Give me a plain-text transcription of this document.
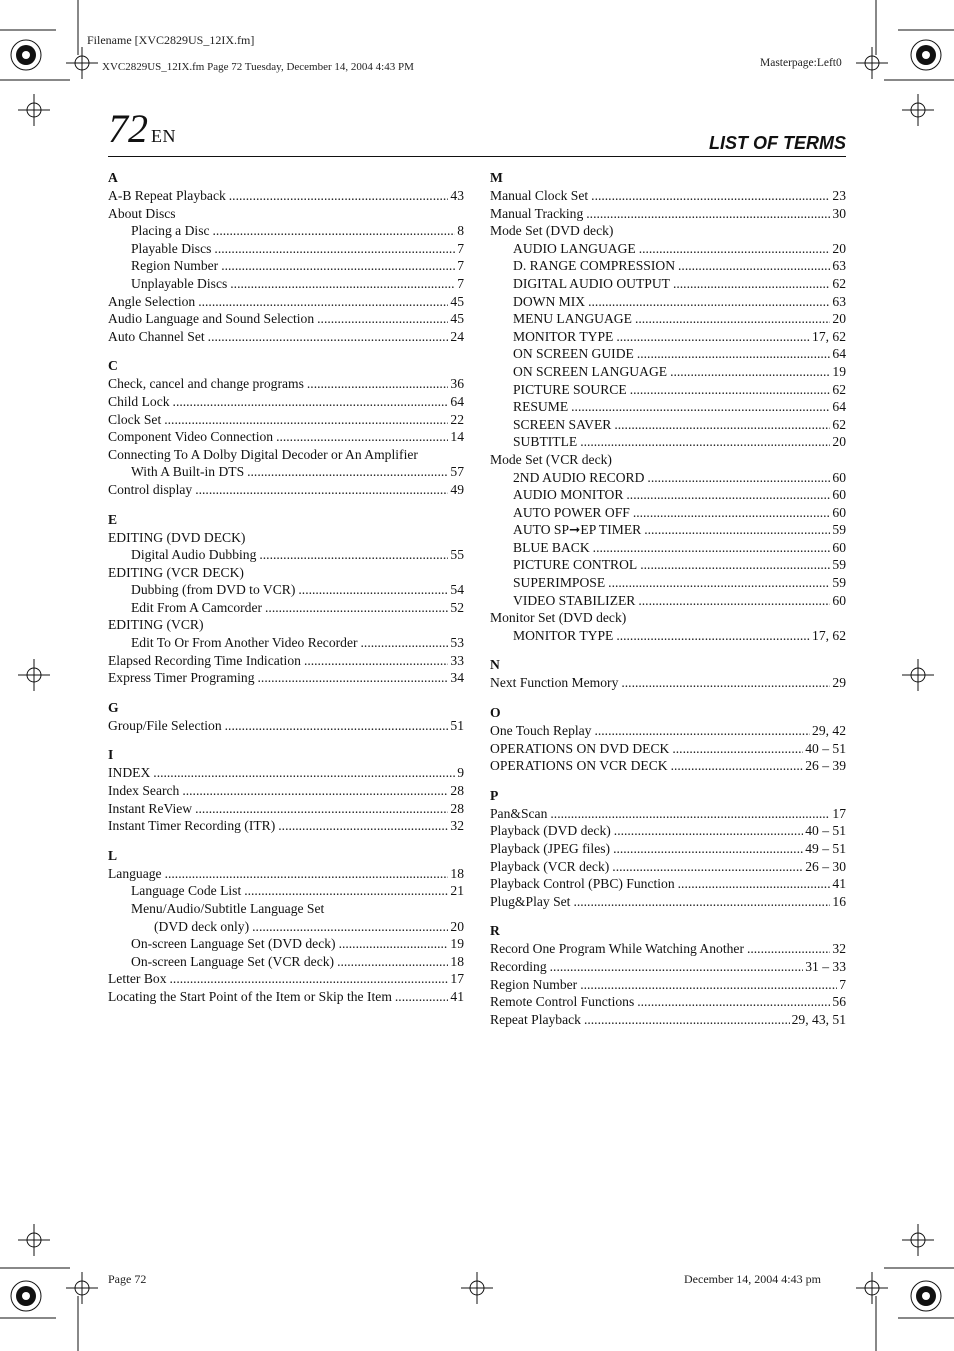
Filename [XVC2829US_12IX.fm]
XVC2829US_12IX.fm Page 72 Tuesday, December 14, 2004 4:43 PM	Masterpage:Left0
Page 72	December 14, 2004 4:43 pm
72 EN	LIST OF TERMS
A
A-B Repeat Playback .....	43
About Discs
Placing a Disc .....	8
Playable Discs .....	7
Region Number .....	7
Unplayable Discs .....	7
Angle Selection .....	45
Audio Language and Sound Selection .....	45
Auto Channel Set .....	24
C
Check, cancel and change programs .....	36
Child Lock .....	64
Clock Set .....	22
Component Video Connection .....	14
Connecting To A Dolby Digital Decoder or An Amplifier
With A Built-in DTS .....	57
Control display .....	49
E
EDITING (DVD DECK)
Digital Audio Dubbing .....	55
EDITING (VCR DECK)
Dubbing (from DVD to VCR) .....	54
Edit From A Camcorder .....	52
EDITING (VCR)
Edit To Or From Another Video Recorder .....	53
Elapsed Recording Time Indication .....	33
Express Timer Programing .....	34
G
Group/File Selection .....	51
I
INDEX .....	9
Index Search .....	28
Instant ReView .....	28
Instant Timer Recording (ITR) .....	32
L
Language .....	18
Language Code List .....	21
Menu/Audio/Subtitle Language Set
(DVD deck only) .....	20
On-screen Language Set (DVD deck) .....	19
On-screen Language Set (VCR deck) .....	18
Letter Box .....	17
Locating the Start Point of the Item or Skip the Item .....	41
M
Manual Clock Set .....	23
Manual Tracking .....	30
Mode Set (DVD deck)
AUDIO LANGUAGE .....	20
D. RANGE COMPRESSION .....	63
DIGITAL AUDIO OUTPUT .....	62
DOWN MIX .....	63
MENU LANGUAGE .....	20
MONITOR TYPE .....	17, 62
ON SCREEN GUIDE .....	64
ON SCREEN LANGUAGE .....	19
PICTURE SOURCE .....	62
RESUME .....	64
SCREEN SAVER .....	62
SUBTITLE .....	20
Mode Set (VCR deck)
2ND AUDIO RECORD .....	60
AUDIO MONITOR .....	60
AUTO POWER OFF .....	60
AUTO SP➞EP TIMER .....	59
BLUE BACK .....	60
PICTURE CONTROL .....	59
SUPERIMPOSE .....	59
VIDEO STABILIZER .....	60
Monitor Set (DVD deck)
MONITOR TYPE .....	17, 62
N
Next Function Memory .....	29
O
One Touch Replay .....	29, 42
OPERATIONS ON DVD DECK .....	40 – 51
OPERATIONS ON VCR DECK .....	26 – 39
P
Pan&Scan .....	17
Playback (DVD deck) .....	40 – 51
Playback (JPEG files) .....	49 – 51
Playback (VCR deck) .....	26 – 30
Playback Control (PBC) Function .....	41
Plug&Play Set .....	16
R
Record One Program While Watching Another .....	32
Recording .....	31 – 33
Region Number .....	7
Remote Control Functions .....	56
Repeat Playback .....	29, 43, 51
